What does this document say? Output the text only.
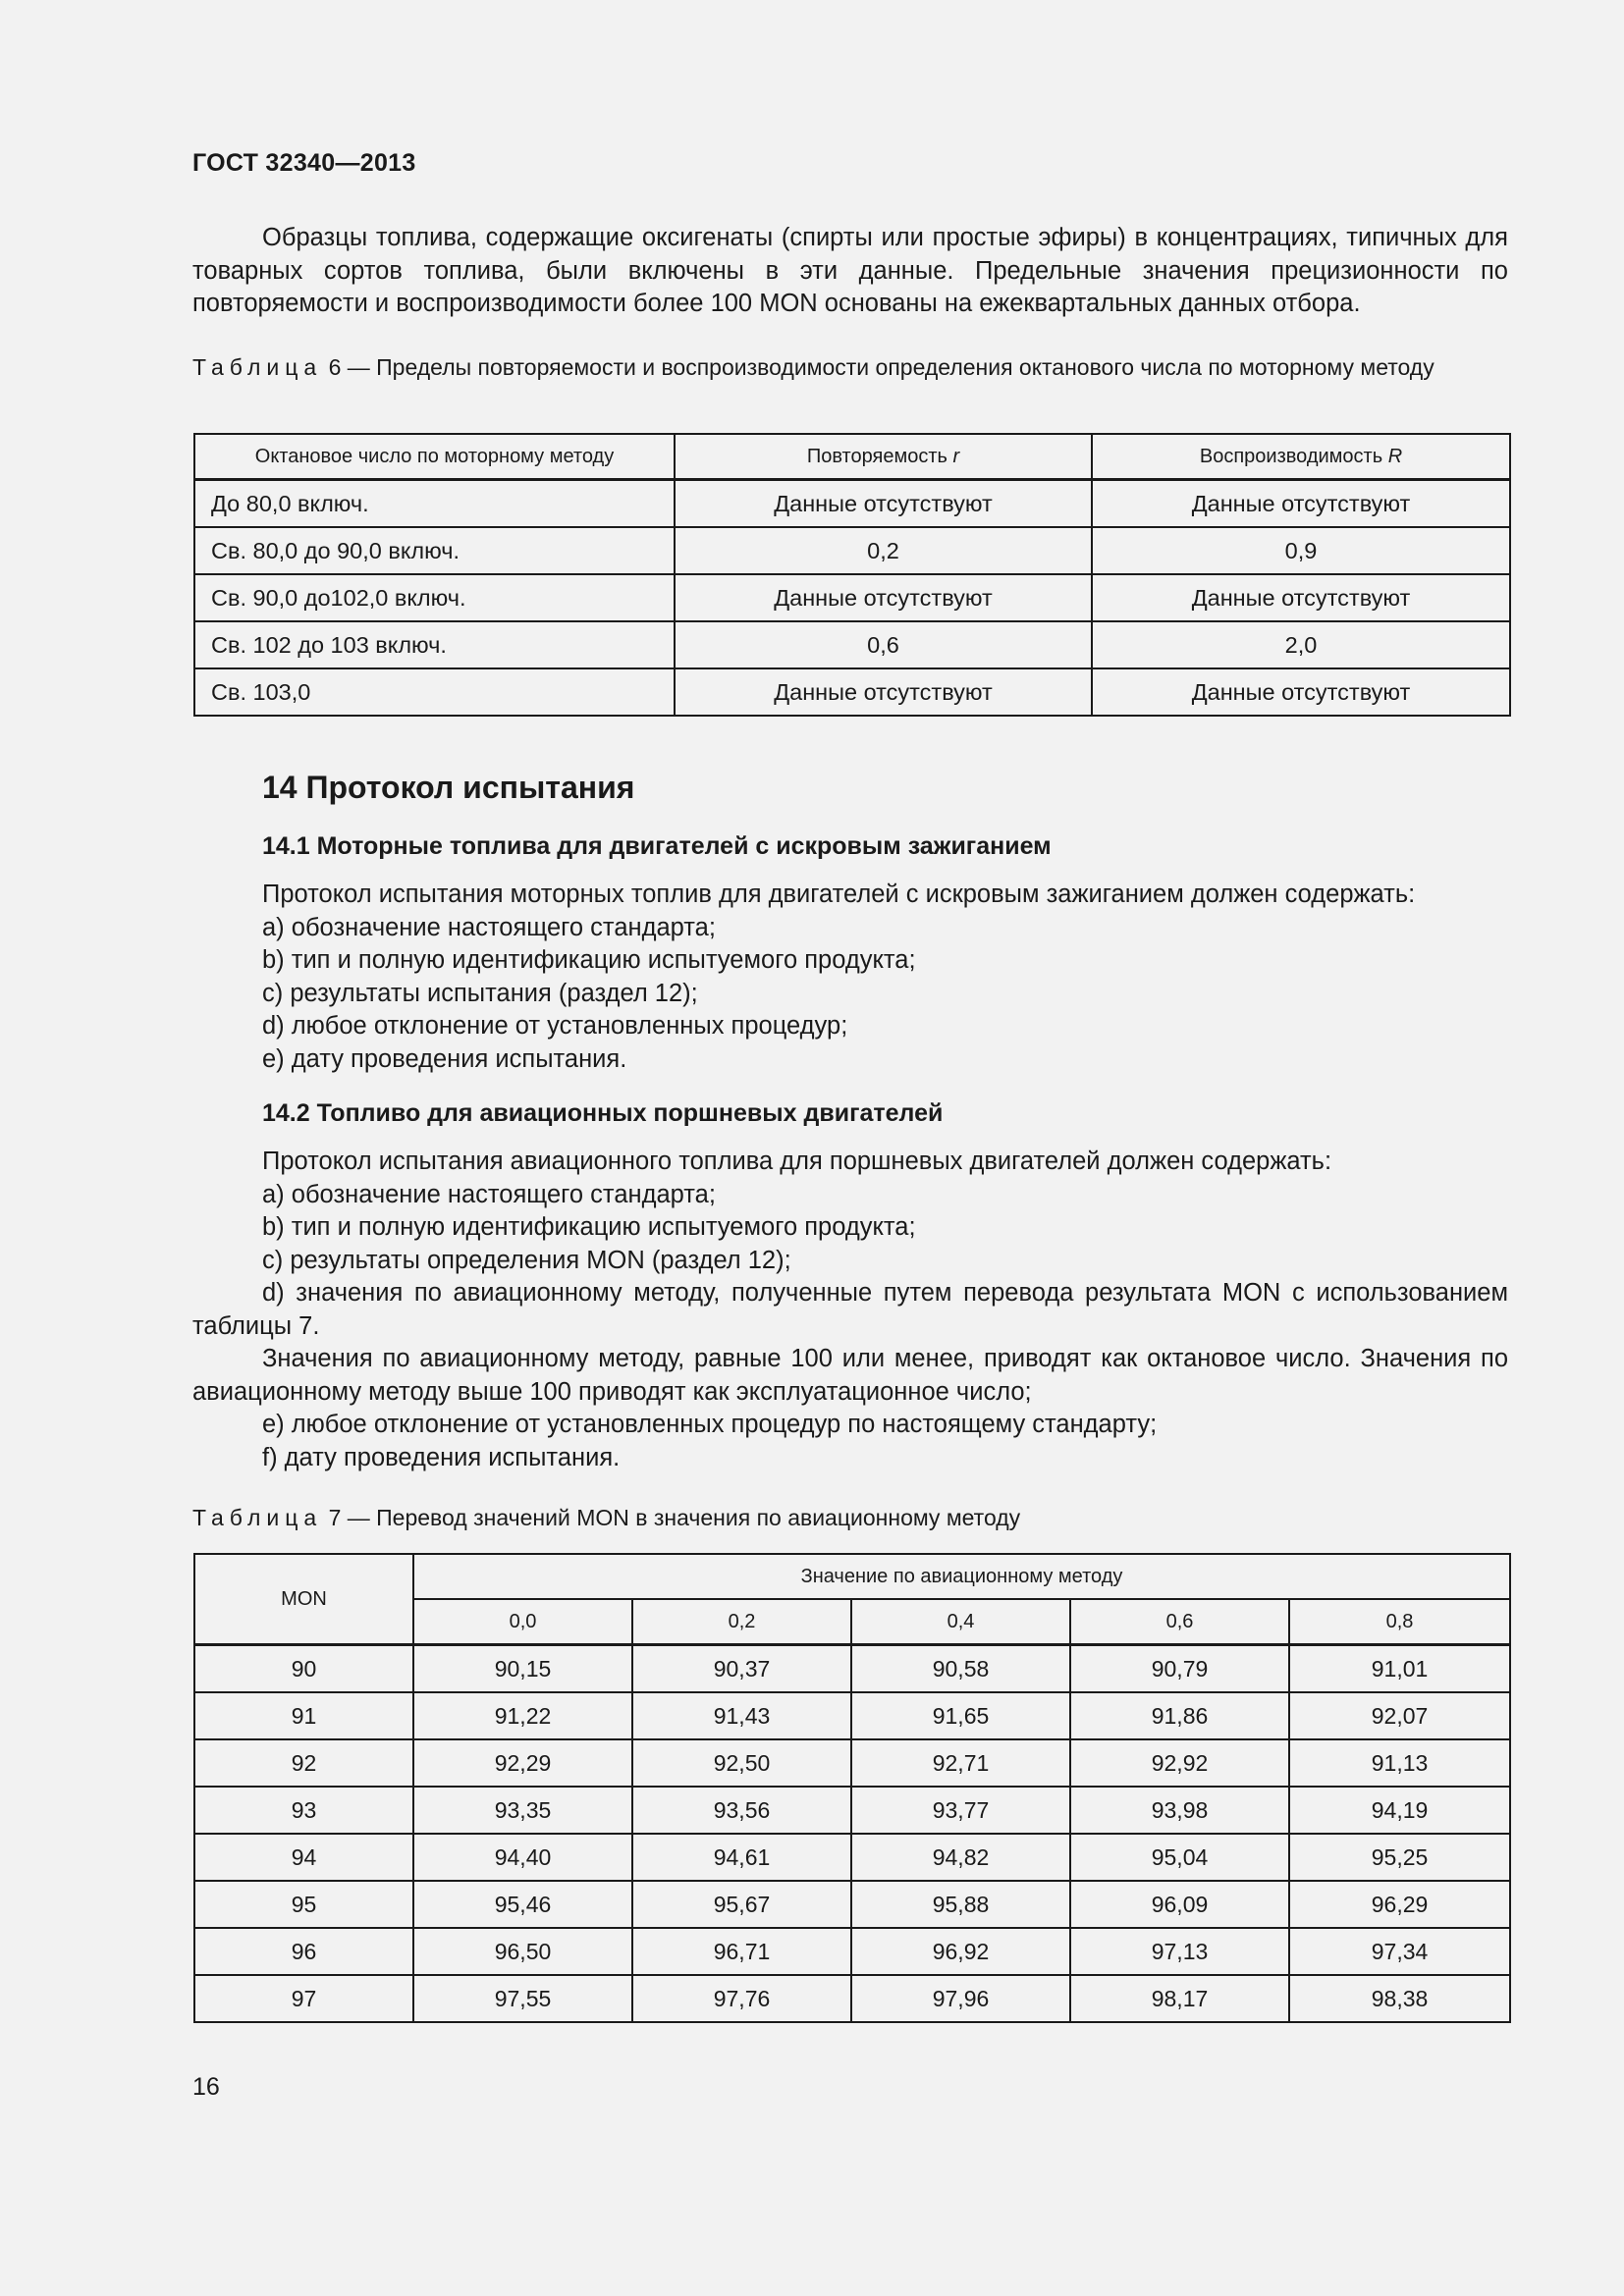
ГОСТ 32340—2013
Образцы топлива, содержащие оксигенаты (спирты или простые эфиры) в концентрациях, типичных для товарных сортов топлива, были включены в эти данные. Предельные значения прецизионности по повторяемости и воспроизводимости более 100 MON основаны на ежеквартальных данных отбора.
Таблица 6 — Пределы повторяемости и воспроизводимости определения октанового числа по моторному методу
Октановое число по моторному методу	Повторяемость r	Воспроизводимость R
До 80,0 включ.	Данные отсутствуют	Данные отсутствуют
Св. 80,0 до 90,0 включ.	0,2	0,9
Св. 90,0 до102,0 включ.	Данные отсутствуют	Данные отсутствуют
Св. 102 до 103 включ.	0,6	2,0
Св. 103,0	Данные отсутствуют	Данные отсутствуют
14 Протокол испытания
14.1 Моторные топлива для двигателей с искровым зажиганием
Протокол испытания моторных топлив для двигателей с искровым зажиганием должен содержать:
a) обозначение настоящего стандарта;
b) тип и полную идентификацию испытуемого продукта;
c) результаты испытания (раздел 12);
d) любое отклонение от установленных процедур;
e) дату проведения испытания.
14.2 Топливо для авиационных поршневых двигателей
Протокол испытания авиационного топлива для поршневых двигателей должен содержать:
a) обозначение настоящего стандарта;
b) тип и полную идентификацию испытуемого продукта;
c) результаты определения MON (раздел 12);
d) значения по авиационному методу, полученные путем перевода результата MON с использованием таблицы 7.
Значения по авиационному методу, равные 100 или менее, приводят как октановое число. Значения по авиационному методу выше 100 приводят как эксплуатационное число;
e) любое отклонение от установленных процедур по настоящему стандарту;
f) дату проведения испытания.
Таблица 7 — Перевод значений MON в значения по авиационному методу
MON	Значение по авиационному методу				
	0,0	0,2	0,4	0,6	0,8
90	90,15	90,37	90,58	90,79	91,01
91	91,22	91,43	91,65	91,86	92,07
92	92,29	92,50	92,71	92,92	91,13
93	93,35	93,56	93,77	93,98	94,19
94	94,40	94,61	94,82	95,04	95,25
95	95,46	95,67	95,88	96,09	96,29
96	96,50	96,71	96,92	97,13	97,34
97	97,55	97,76	97,96	98,17	98,38
16
